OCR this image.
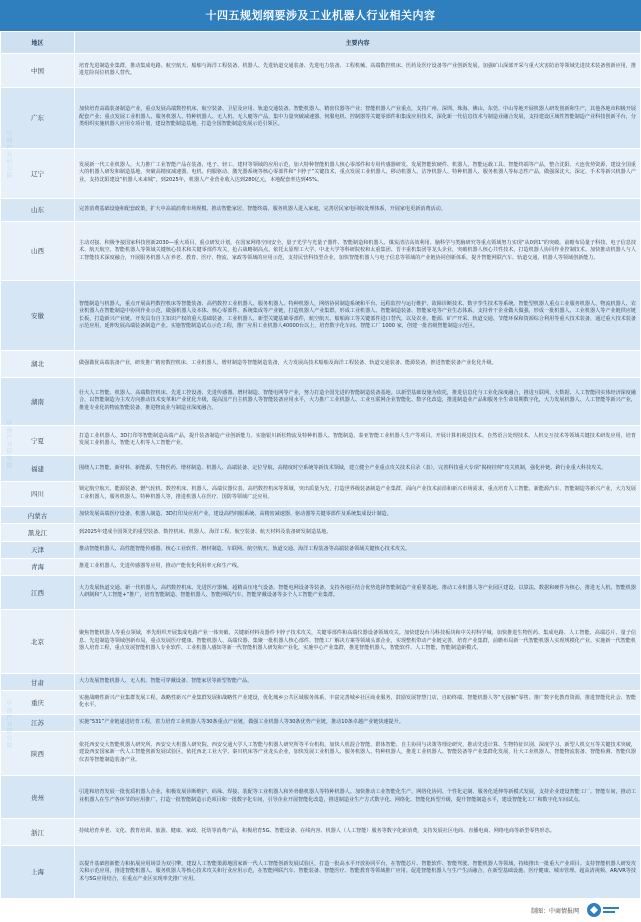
十四五规划纲要涉及工业机器人行业相关内容
地区	主要内容
中国	培育先进制造业集群，推动集成电路、航空航天、船舶与海洋工程装备、机器人、先进轨道交通装备、先进电力装备、工程机械、高端数控机床、医药及医疗设备等产业创新发展。加强矿山深部开采与重大灾害防治等领域先进技术装备创新应用，推进危险岗位机器人替代。
广东	加快培育高端装备制造产业，重点发展高端数控机床、航空装备、卫星及应用、轨道交通装备、智能机器人、精密仪器等产业；智能机器人产业重点，支持广州、深圳、珠海、佛山、东莞、中山等地开展机器人研发创新和生产，其他各地市积极开展配套产业；重点发展工业机器人、服务机器人、特种机器人、无人机、无人艇等产品，集中力量突破减速器、伺服电机、控制器等关键零部件和集成应用技术，深化新一代信息技术与制造业融合发展，支持建设区域性智能制造产业科技创新平台，分类组织实施机器人应用专项计划，建设智能制造基地，打造全国智能制造发展示范引领区。
辽宁	发展新一代工业机器人，大力推广工业智能产品在装备、电子、轻工、建材等领域的应用示范，加大特种智能机器人核心零部件和专用传感器研发。发展智能软硬件、机器人、智能运载工具、智能终端等产品，整合沈阳、大连优势资源，建设全国重大的机器人研发和制造基地，突破高精度减速器、电机、伺服驱动、激光器系统等核心零部件和“卡脖子”关键技术，重点发展工业机器人、移动机器人、洁净机器人、特种机器人、服务机器人等标志性产品，做强深沈大、深定、手术等新兴机器人产业。支持沈阳建设“机器人未来城”，到2025年，机器人产业营业收入达到280亿元，本地配套率达到45%。
山东	完善消费基础设施和配套政策，扩大中高端消费市场规模。推动智能家居、智能终端、服务机器人进入家庭，完善居民家电回收处理体系，开展家电更新消费活动。
山西	主动对接、积极争接国家科技创新2030—重大项目，重点研发计划，在国家网络空间安全、量子光学与光量子器件、智能制造和机器人、煤炭清洁高效利用、脑科学与类脑研究等重点领域努力实现“从0到1”的突破。前瞻布局量子科技、电子信息技术、航天航空、智能机器人等领域关键核心技术和关键零部件攻关，抢占战略制高点。依托太原理工大学、中北大学等科研院校和太重集团、晋丰重机集团等龙头企业，突破机器人核心共性技术，打造机器人协同作业控制技术。加快推动机器人与人工智能技术深度融合，开展服务机器人在养老、教育、医疗、物流、家政等领域的应用示范，支持民营科技型企业，加快智能机器人与电子信息等领域的产业链协同创新体系，提升智能网联汽车、轨道交通、机器人等领域创新能力。
安徽	智能制造与机器人，重点开展高档数控机床等智能装备、高档数控工业机器人、服务机器人、特种机器人，网络协同制造系统和平台、远程监控与运行维护、故障诊断技术、数字孪生技术等系统。智能型机器人重点工业服务机器人、物流机器人、农业机器人在智能制造中协同作业示范，做强机器人及本体、核心零部件、系统集成等产业链，打造机器人产业集群。形成工业机器人、智能制造装备、智能家电等产业生态体系。支持骨干企业做大做强，形成一批机器人、工业机器人等产业链供应链长板，打造新兴产业链。开发具有自主知识产权的重大基础装备，工业机器人、新型关键基础零部件，航空航天、船舶海工等关键部件进口替代，以及农业、能源、矿产开采、轨道交通、节能环保和资源综合利用等重大技术装备，通过重大技术装备示范应用，延伸发展高端装备制造产业。实施智能制造试点示范工程，推广应用工业机器人40000台以上，培育数字化车间、智能工厂 1000 家，创建一批省级智能制造示范区。
湖北	做强做优高端装备产业，研发推广精密数控机床、工业机器人、增材制造等智能制造装备，大力发展高技术船舶及海洋工程装备、轨道交通装备、能源装备，推进智能装备产业化化升级。
湖南	壮大人工智能、机器人、高端数控机床、先进工控设备、先进传感器、增材制造、智能电网等产业，努力打造全国先进的智能制造装备基地。以新型基础设施为依托，推进信息化与工业化深度融合，推进互联网、大数据、人工智能同实体经济深度融合，以智能制造为主攻方向推动技术变革和产业优化升级，提高国产自主机器人等智能装备应用水平，大力推广工业机器人、工业互联网企业智能化、数字化改造，推进制造业产品和服务全生命周期数字化，大力发展机器人、人工智能等新兴产业，推进专业化的物流智能装备，推进物流业与制造业深度融合。
宁夏	打造工业机器人、3D打印等智能制造高端产品，提升装备制造产业创新能力。实施银川新松物流及特种机器人、智能制造、泰亚智能工业机器人生产等项目。开展计算机视觉技术、自然语言处理技术、人机交互技术等领域关键技术研发应用，培育发展工业机器人、智能无人机等人工智能产业。
福建	围绕人工智能、新材料、新能源、生物医药、增材制造、机器人、高端装备、定位导航、高精度时空系统等新技术领域，建立健全产业重点攻关技术目录（表），完善科技重大专项“揭榜挂帅”攻关机制，强化补链、跨行业重大科技攻关。
四川	锁定航空航天、能源装备、燃气轮机、数控机床、机器人、高端仪器仪表、高档数控机床等领域，突出质量为先，打造世界级装备制造产业集群，面向产业技术前沿和新兴市场需求，重点培育人工智能、新能源汽车、智能制造等新兴产业，大力发展工业机器人，服务机器人、特种机器人等，推进机器人在医疗、国防等领域广泛应用。
内蒙古	加快发展高端医疗设备、机器人制造、3D打印及应用产业，建设高档伺服系统、高精密减速器、驱动器等关键零部件及系统集成设计制造。
黑龙江	到2025年建成全国领先的重型装备、数控机床、机器人、海洋工程、航空装备、航天材料及装备研发制造基地。
天津	推动智能机器人、高性能智能传感器、核心工业软件、增材制造、车联网、航空航天、轨道交通、海洋工程装备等高端装备领域关键核心技术攻关。
青海	推进工业机器人、先进传感器等应用，推动产能优化利用率元和生产线。
江西	大力发展轨道交通、新一代机器人、高档数控机床、先进医疗器械、超精高压电气设备、智能电网设备等装备，支持各地区结合优势选择智能制造产业重要基地。推动工业机器人等产业园区建设。以算法、数据和硬件为核心，推进无人机、智能机器人研制和“人工智能+”推广，培育智能制造、智能机器人、智能网联汽车、智能穿戴设备等多个人工智能产业集群。
北京	聚焦智能机器人等重点领域，率先组织开展集成电路产业一体突破、关键新材料及器件卡脖子技术攻关，关键零部件和高端仪器设备领域攻关。加快建设台马科技板块和中关村科学城，加快推进生物医药、集成电路、人工智能、高端芯片、量子信息、先进制造等领域创新布局，重点发展医疗健康、智能机器人、高端仪器、集聚一批机器人核心部件、智能工厂解决方案等领域头部企业，实现整机带动产业链完善，培育产业集群，前瞻布局新一代智能机器人实现规模化产业。实施新一代智能机器人培育工程，重点发展智能机器人专业软件、工业机器人感知等新一代智能机器人研发和产业化，实施中心产业集群，推进智能机器人、智能软件、人工智能、智能制造新模式。
甘肃	大力发展智能机器人、无人机、智能可穿戴设备、智能家居等新型智能产品。
重庆	实施战略性新兴产业集群发展工程。战略性新兴产业集群发展和战略性产业建设，优化城乡公共区域服务体系，丰富完善城乡社区商业服务，鼓励发展智慧门店，自助终端、智能机器人等“无接触”零售。推广数字化教育资源，推进智能化社会、智能化水平。
江苏	实施“531”产业链递进培育工程，着力培育工业机器人等30条重点产业链，做强工业机器人等30条优势产业链，推动10条卓越产业链快速提升。
陕西	依托西安交大智能机器人研究所、西安交大机器人研究院、西安交通大学人工智能与机器人研究所等平台机构，加快人机混合智能、群体智能、自主协同与决策等理论研究，推动先进计算、生物特征识别、深度学习、新型人机交互等关键技术突破，建设西安国家新一代人工智能创新发展试验区，依托西北工业大学、秦川机床等产业龙头企业，加快发展工业机器人、服务机器人、特种机器人，推进工业机器人、智能装备等产业集群化发展，壮大工业机器人、智能物流装备、智能检测、智能仪器仪表等智能制造装备产业。
贵州	引进和培育发展一批优质机器人企业，积极发展诊断维护、码垛、焊接、装配等工业机器人和外骨骼机器人等特种机器人。加快推动工业智能化生产、网络化协同、个性化定制、服务化延伸等新模式发展，支持企业建设智能工厂、智能车间，推动工业机器人在生产各环节的应用推广，打造一批智能制造示范项目和一批数字化车间，引导企业开展智能化改造，推进制造业生产方式数字化、网络化、智能化转型升级，提升智能制造水平，建设智能化工厂和数字化车间试点。
浙江	持续培育养老、文化、教育培训、旅游、健康、家政、托幼等消费产品，积极培育5G、智能设备、在线内容、机器人（人工智能）服务等数字化新消费，支持发展社区电商、直播电商、网络电商等新型零售形态。
上海	以提升基础创新能力和拓展应用场景为双引擎，建设人工智能策源地国家新一代人工智能创新发展试验区，打造一批高水平开放协同平台，在智能芯片、智能软件、智能驾驶、智能机器人等领域，持续推出一批重大产业项目。支持智能机器人研发攻关和示范应用，推进智能机器人、服务机器人等核心技术攻关和行业应用示范，在智能网联汽车、智能装备、智能医疗、智能教育等领域推广应用。促进智能机器人与生产生活融合，在新型基础设施、医疗健康、城市管理、超高清视频、AR/VR等技术与5G应用结合，在重点产业区实现率先推广应用。
中商产业研究院
中商产业研究院
中商产业研究院
制图：中商情报网
